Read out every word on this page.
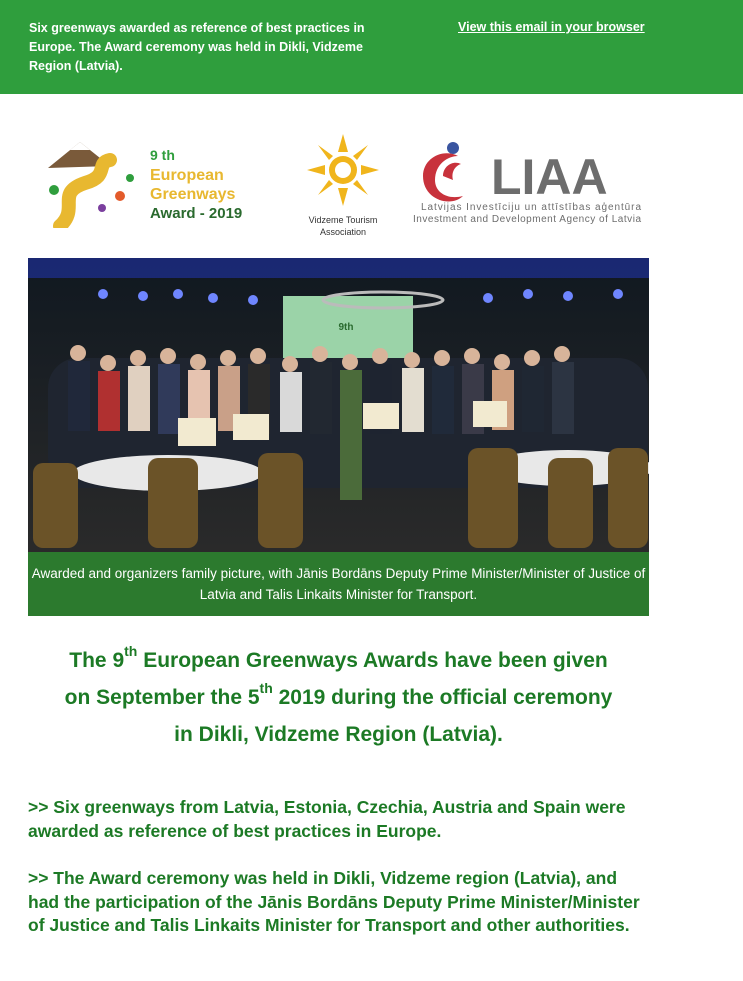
Six greenways awarded as reference of best practices in Europe. The Award ceremony was held in Dikli, Vidzeme Region (Latvia).
View this email in your browser
9 th
European
Greenways
Award - 2019	Vidzeme Tourism
Association
LIAA
Latvijas Investīciju un attīstības aģentūra
Investment and Development Agency of Latvia
9th
Awarded and organizers family picture, with Jānis Bordāns Deputy Prime Minister/Minister of Justice of Latvia and Talis Linkaits Minister for Transport.
The 9th European Greenways Awards have been given
on September the 5th 2019 during the official ceremony
in Dikli, Vidzeme Region (Latvia).
>> Six greenways from Latvia, Estonia, Czechia, Austria and Spain were awarded as reference of best practices in Europe.
>> The Award ceremony was held in Dikli, Vidzeme region (Latvia), and had the participation of the Jānis Bordāns Deputy Prime Minister/Minister of Justice and Talis Linkaits Minister for Transport and other authorities.
